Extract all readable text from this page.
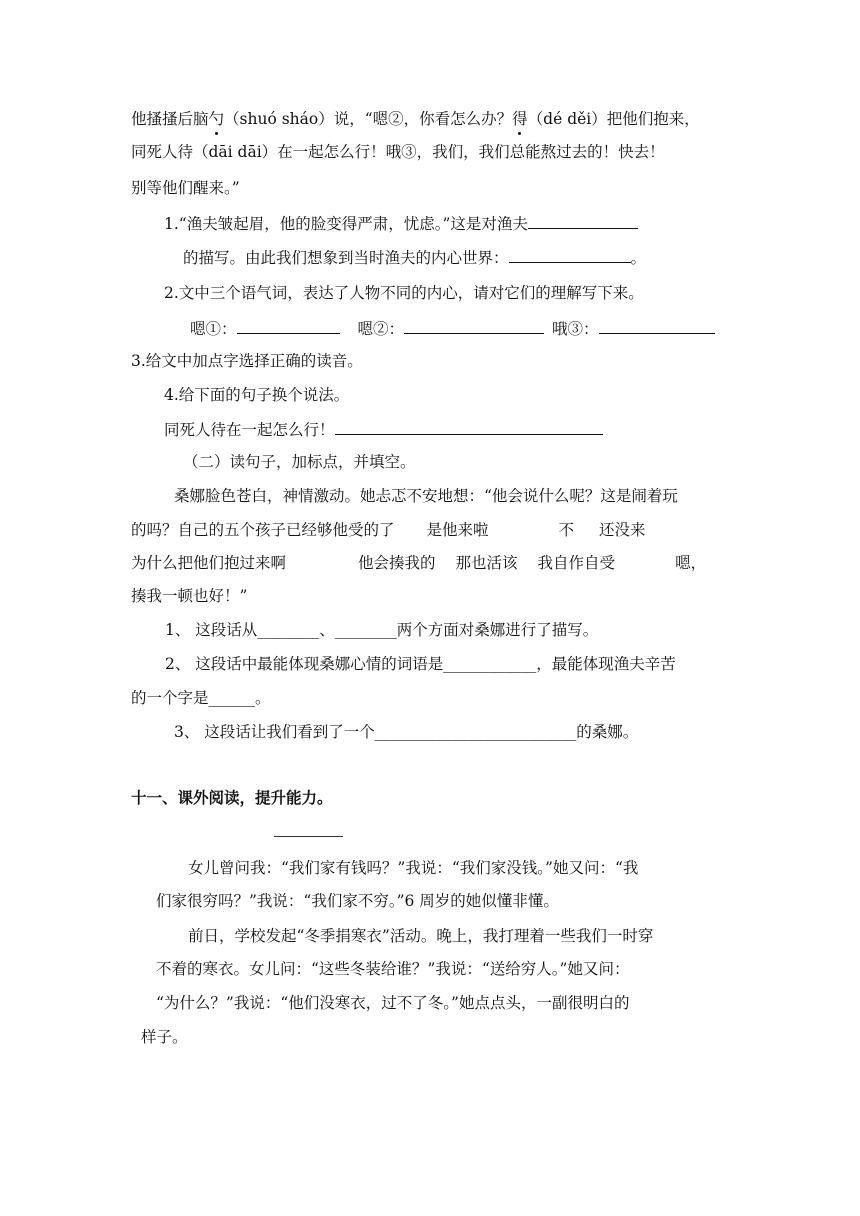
他搔搔后脑勺（shuó sháo）说，“嗯②，你看怎么办？得（dé děi）把他们抱来，
同死人待（dāi dāi）在一起怎么行！哦③，我们，我们总能熬过去的！快去！
别等他们醒来。”
1.“渔夫皱起眉，他的脸变得严肃，忧虑。”这是对渔夫
的描写。由此我们想象到当时渔夫的内心世界：	。
2.文中三个语气词，表达了人物不同的内心，请对它们的理解写下来。
嗯①：	嗯②：	哦③：
3.给文中加点字选择正确的读音。
4.给下面的句子换个说法。
同死人待在一起怎么行！
（二）读句子，加标点，并填空。
桑娜脸色苍白，神情激动。她忐忑不安地想：“他会说什么呢？这是闹着玩
的吗？自己的五个孩子已经够他受的了 是他来啦	不 还没来
为什么把他们抱过来啊	他会揍我的 那也活该 我自作自受	嗯，
揍我一顿也好！”
1、 这段话从________、________两个方面对桑娜进行了描写。
2、 这段话中最能体现桑娜心情的词语是____________，最能体现渔夫辛苦
的一个字是______。
3、 这段话让我们看到了一个__________________________的桑娜。
十一、课外阅读，提升能力。
女儿曾问我：“我们家有钱吗？”我说：“我们家没钱。”她又问：“我
们家很穷吗？”我说：“我们家不穷。”6 周岁的她似懂非懂。
前日，学校发起“冬季捐寒衣”活动。晚上，我打理着一些我们一时穿
不着的寒衣。女儿问：“这些冬装给谁？”我说：“送给穷人。”她又问：
“为什么？”我说：“他们没寒衣，过不了冬。”她点点头，一副很明白的
样子。
